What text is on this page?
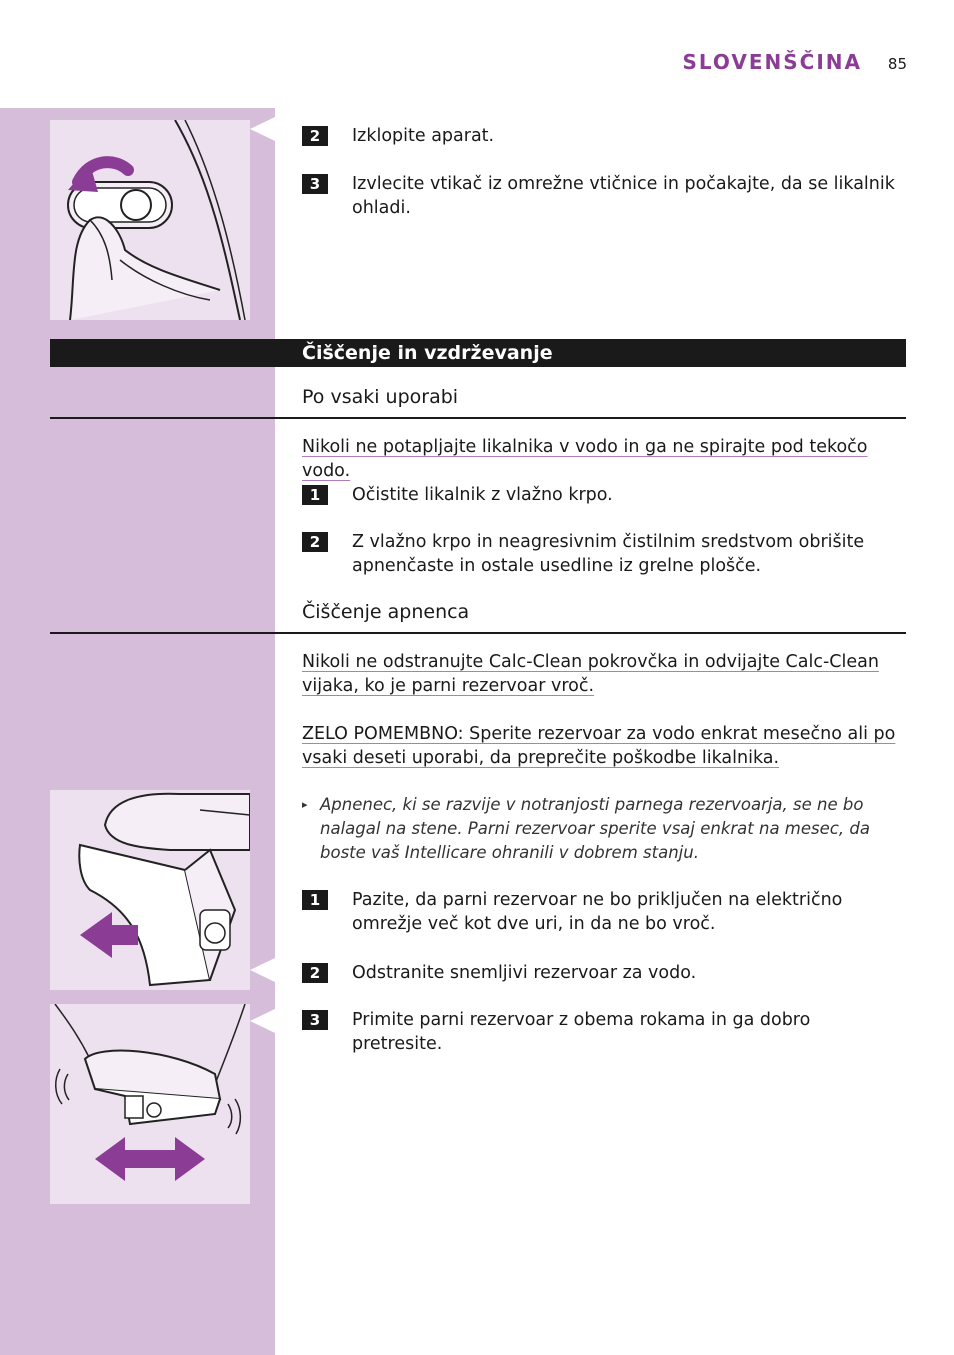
SLOVENŠČINA 85
2	Izklopite aparat.
3	Izvlecite vtikač iz omrežne vtičnice in počakajte, da se likalnik ohladi.
Čiščenje in vzdrževanje
Po vsaki uporabi
Nikoli ne potapljajte likalnika v vodo in ga ne spirajte pod tekočo vodo.
1	Očistite likalnik z vlažno krpo.
2	Z vlažno krpo in neagresivnim čistilnim sredstvom obrišite apnenčaste in ostale usedline iz grelne plošče.
Čiščenje apnenca
Nikoli ne odstranujte Calc-Clean pokrovčka in odvijajte Calc-Clean vijaka, ko je parni rezervoar vroč.
ZELO POMEMBNO: Sperite rezervoar za vodo enkrat mesečno ali po vsaki deseti uporabi, da preprečite poškodbe likalnika.
▸ Apnenec, ki se razvije v notranjosti parnega rezervoarja, se ne bo nalagal na stene. Parni rezervoar sperite vsaj enkrat na mesec, da boste vaš Intellicare ohranili v dobrem stanju.
1	Pazite, da parni rezervoar ne bo priključen na električno omrežje več kot dve uri, in da ne bo vroč.
2	Odstranite snemljivi rezervoar za vodo.
3	Primite parni rezervoar z obema rokama in ga dobro pretresite.
